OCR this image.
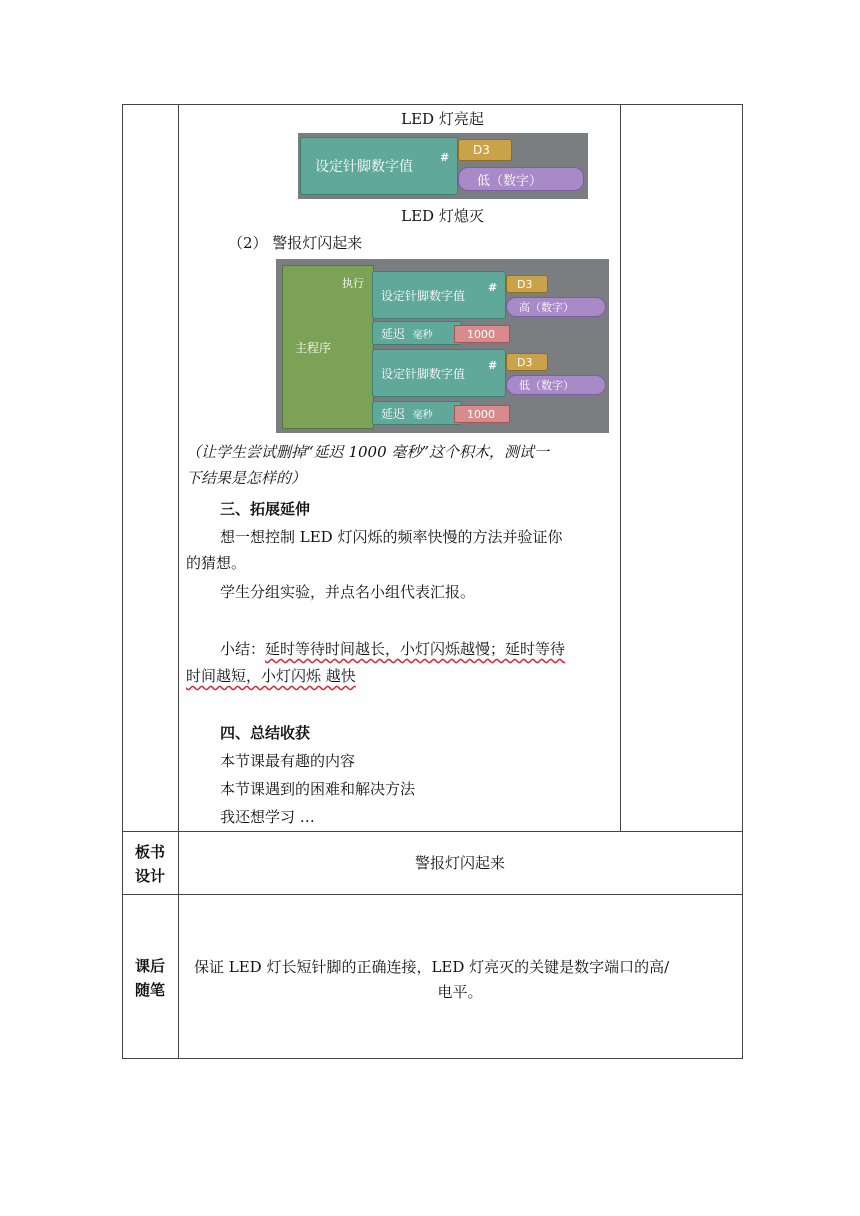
LED 灯亮起
设定针脚数字值
#
D3
低（数字）
LED 灯熄灭
（2） 警报灯闪起来
主程序
执行
设定针脚数字值
#	D3
高（数字）
延迟
毫秒	1000
设定针脚数字值
#	D3
低（数字）
延迟
毫秒	1000
（让学生尝试删掉“延迟 1000 毫秒”这个积木，测试一
下结果是怎样的）
三、拓展延伸
想一想控制 LED 灯闪烁的频率快慢的方法并验证你
的猜想。
学生分组实验，并点名小组代表汇报。
小结：延时等待时间越长，小灯闪烁越慢；延时等待
时间越短，小灯闪烁 越快
四、总结收获
本节课最有趣的内容
本节课遇到的困难和解决方法
我还想学习 …
板书
设计
警报灯闪起来
课后
随笔
保证 LED 灯长短针脚的正确连接，LED 灯亮灭的关键是数字端口的高/
电平。
